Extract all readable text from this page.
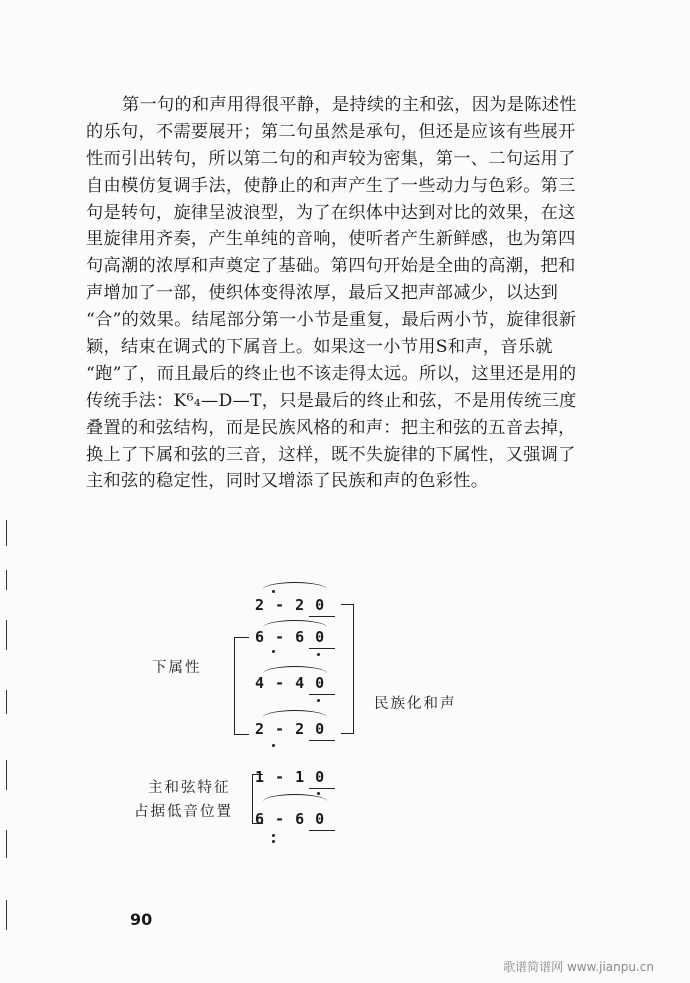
第一句的和声用得很平静，是持续的主和弦，因为是陈述性
的乐句，不需要展开；第二句虽然是承句，但还是应该有些展开
性而引出转句，所以第二句的和声较为密集，第一、二句运用了
自由模仿复调手法，使静止的和声产生了一些动力与色彩。第三
句是转句，旋律呈波浪型，为了在织体中达到对比的效果，在这
里旋律用齐奏，产生单纯的音响，使听者产生新鲜感，也为第四
句高潮的浓厚和声奠定了基础。第四句开始是全曲的高潮，把和
声增加了一部，使织体变得浓厚，最后又把声部减少，以达到
“合”的效果。结尾部分第一小节是重复，最后两小节，旋律很新
颖，结束在调式的下属音上。如果这一小节用S和声，音乐就
“跑”了，而且最后的终止也不该走得太远。所以，这里还是用的
传统手法：K⁶₄—D—T，只是最后的终止和弦，不是用传统三度
叠置的和弦结构，而是民族风格的和声：把主和弦的五音去掉，
换上了下属和弦的三音，这样，既不失旋律的下属性，又强调了
主和弦的稳定性，同时又增添了民族和声的色彩性。
2 - 2 0
6 - 6 0
4 - 4 0
2 - 2 0
1 - 1 0
6 - 6 0
下属性
民族化和声
主和弦特征
占据低音位置
90
歌谱简谱网 www.jianpu.cn
